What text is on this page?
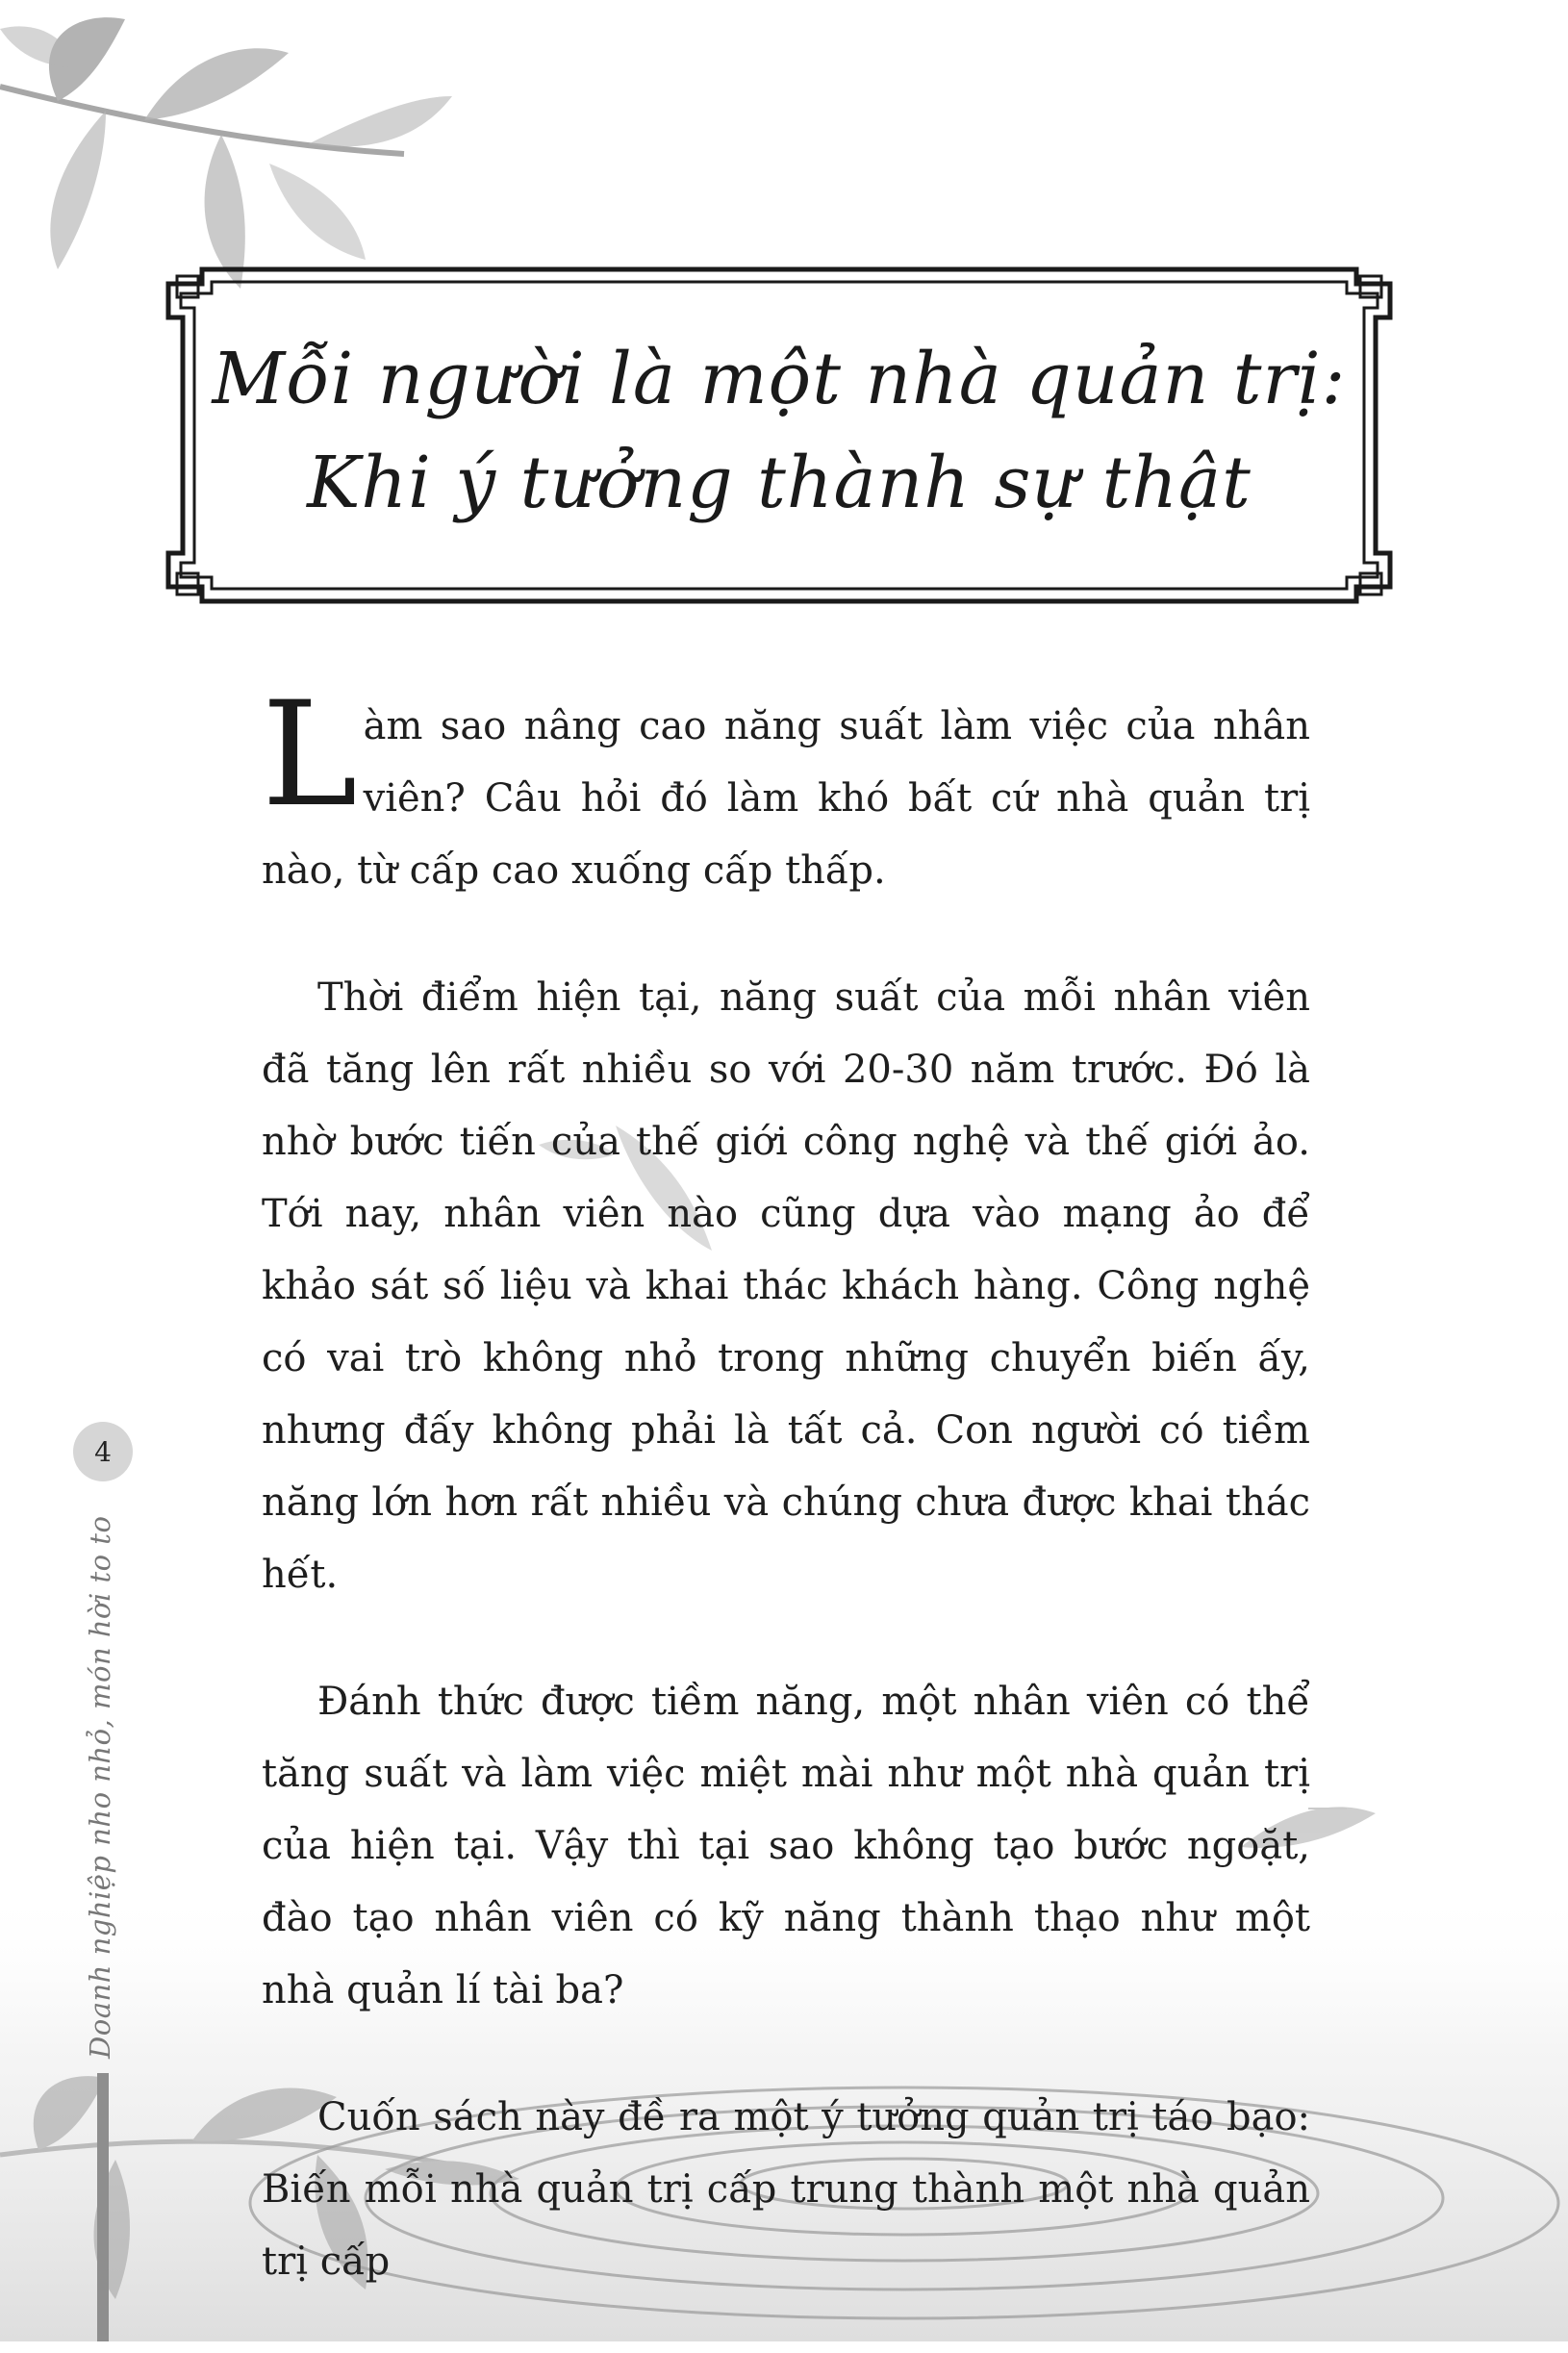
Mỗi người là một nhà quản trị:
Khi ý tưởng thành sự thật

Làm sao nâng cao năng suất làm việc của nhân viên? Câu hỏi đó làm khó bất cứ nhà quản trị nào, từ cấp cao xuống cấp thấp.

Thời điểm hiện tại, năng suất của mỗi nhân viên đã tăng lên rất nhiều so với 20-30 năm trước. Đó là nhờ bước tiến của thế giới công nghệ và thế giới ảo. Tới nay, nhân viên nào cũng dựa vào mạng ảo để khảo sát số liệu và khai thác khách hàng. Công nghệ có vai trò không nhỏ trong những chuyển biến ấy, nhưng đấy không phải là tất cả. Con người có tiềm năng lớn hơn rất nhiều và chúng chưa được khai thác hết.

Đánh thức được tiềm năng, một nhân viên có thể tăng suất và làm việc miệt mài như một nhà quản trị của hiện tại. Vậy thì tại sao không tạo bước ngoặt, đào tạo nhân viên có kỹ năng thành thạo như một nhà quản lí tài ba?

Cuốn sách này đề ra một ý tưởng quản trị táo bạo: Biến mỗi nhà quản trị cấp trung thành một nhà quản trị cấp

4
Doanh nghiệp nho nhỏ, món hời to to
